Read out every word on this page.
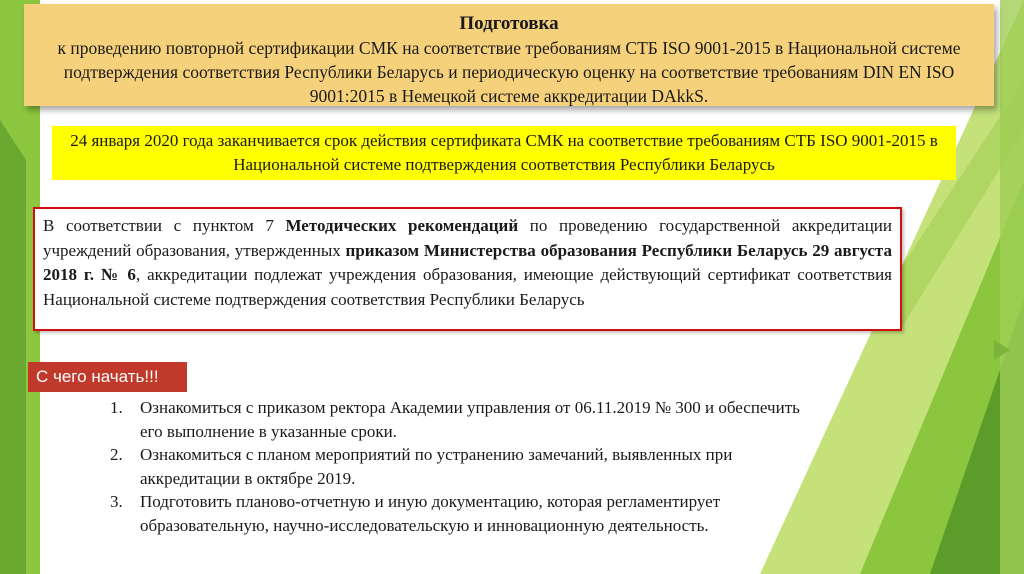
Подготовка
к проведению повторной сертификации СМК на соответствие требованиям СТБ ISO 9001-2015 в Национальной системе подтверждения соответствия Республики Беларусь и периодическую оценку на соответствие требованиям DIN EN ISO 9001:2015 в Немецкой системе аккредитации DAkkS.
24 января 2020 года заканчивается срок действия сертификата СМК на соответствие требованиям СТБ ISO 9001-2015 в Национальной системе подтверждения соответствия Республики Беларусь
В соответствии с пунктом 7 Методических рекомендаций по проведению государственной аккредитации учреждений образования, утвержденных приказом Министерства образования Республики Беларусь 29 августа 2018 г. № 6, аккредитации подлежат учреждения образования, имеющие действующий сертификат соответствия Национальной системе подтверждения соответствия Республики Беларусь
С чего начать!!!
1. Ознакомиться с приказом ректора Академии управления от 06.11.2019 № 300 и обеспечить его выполнение в указанные сроки.
2. Ознакомиться с планом мероприятий по устранению замечаний, выявленных при аккредитации в октябре 2019.
3. Подготовить планово-отчетную и иную документацию, которая регламентирует образовательную, научно-исследовательскую и инновационную деятельность.
